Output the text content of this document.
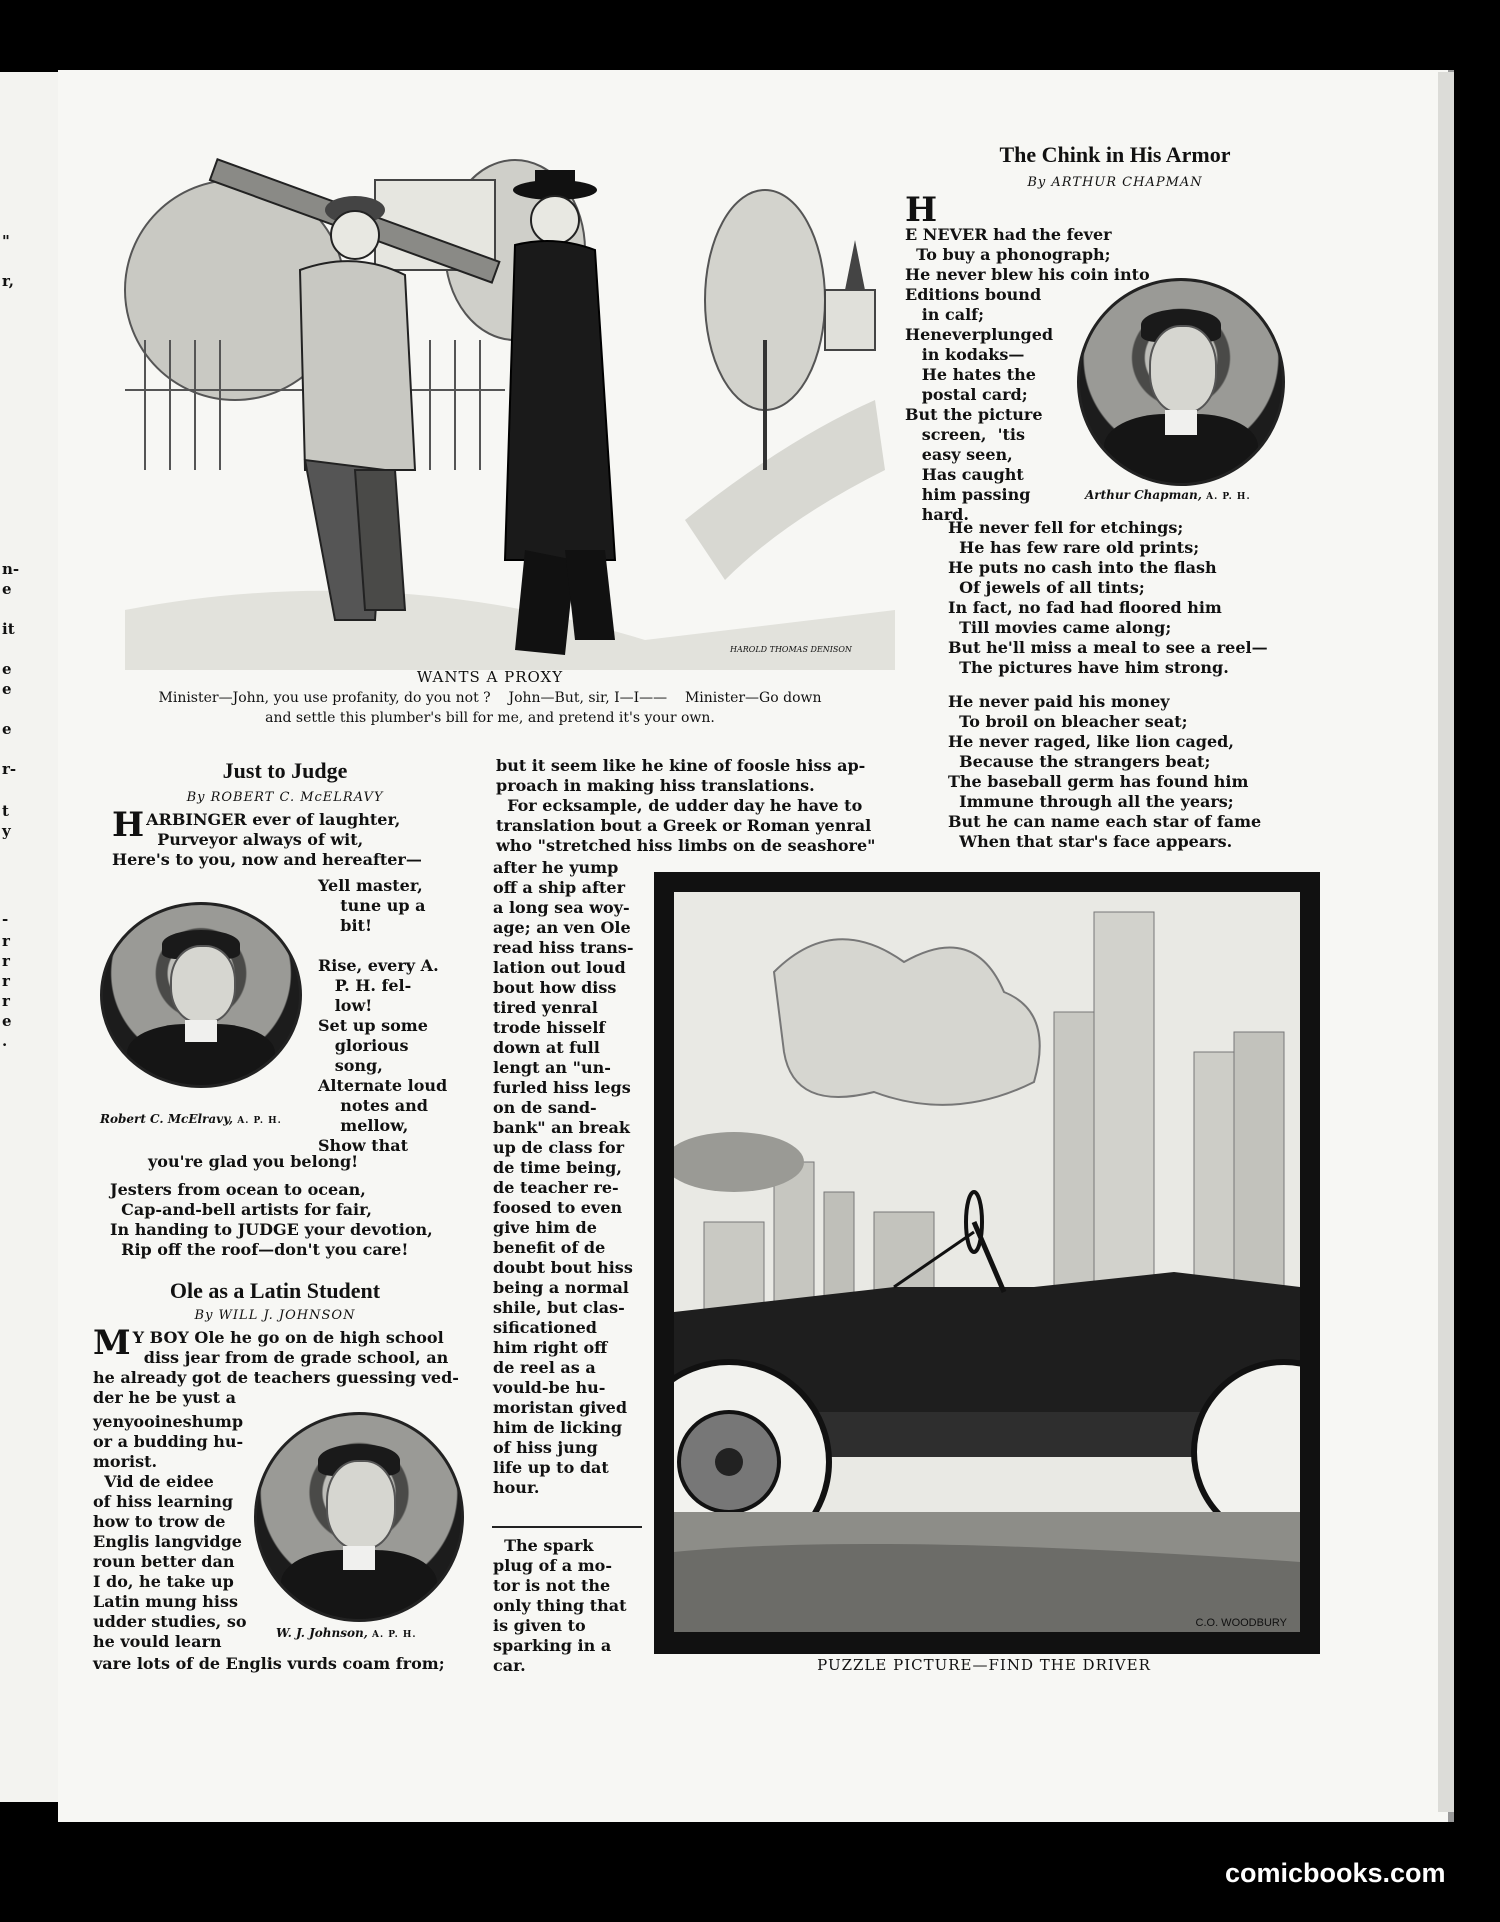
"
r,
n-
e
it
e
e
e
r-
t
y
-
r
r
r
r
e
.
HAROLD THOMAS DENISON
WANTS A PROXY
Minister—John, you use profanity, do you not ?    John—But, sir, I—I——    Minister—Go down
and settle this plumber's bill for me, and pretend it's your own.
The Chink in His Armor
By ARTHUR CHAPMAN
H
E NEVER had the fever
To buy a phonograph;
He never blew his coin into
Editions bound
in calf;
Heneverplunged
in kodaks—
He hates the
postal card;
But the picture
screen,  'tis
easy seen,
Has caught
him passing
hard.
Arthur Chapman, A. P. H.
He never fell for etchings;
He has few rare old prints;
He puts no cash into the flash
Of jewels of all tints;
In fact, no fad had floored him
Till movies came along;
But he'll miss a meal to see a reel—
The pictures have him strong.
He never paid his money
To broil on bleacher seat;
He never raged, like lion caged,
Because the strangers beat;
The baseball germ has found him
Immune through all the years;
But he can name each star of fame
When that star's face appears.
Just to Judge
By ROBERT C. McELRAVY
HARBINGER ever of laughter,
Purveyor always of wit,
Here's to you, now and hereafter—
Robert C. McElravy, A. P. H.
Yell master,
tune up a
bit!

Rise, every A.
P. H. fel-
low!
Set up some
glorious
song,
Alternate loud
notes and
mellow,
Show that
you're glad you belong!
Jesters from ocean to ocean,
Cap-and-bell artists for fair,
In handing to JUDGE your devotion,
Rip off the roof—don't you care!
Ole as a Latin Student
By WILL J. JOHNSON
M Y BOY Ole he go on de high school
diss jear from de grade school, an
he already got de teachers guessing ved-
der he be yust a
yenyooineshump
or a budding hu-
morist.
Vid de eidee
of hiss learning
how to trow de
Englis langvidge
roun better dan
I do, he take up
Latin mung hiss
udder studies, so
he vould learn	W. J. Johnson, A. P. H.
vare lots of de Englis vurds coam from;
but it seem like he kine of foosle hiss ap-
proach in making hiss translations.
For ecksample, de udder day he have to
translation bout a Greek or Roman yenral
who "stretched hiss limbs on de seashore"
after he yump
off a ship after
a long sea woy-
age; an ven Ole
read hiss trans-
lation out loud
bout how diss
tired yenral
trode hisself
down at full
lengt an "un-
furled hiss legs
on de sand-
bank" an break
up de class for
de time being,
de teacher re-
foosed to even
give him de
benefit of de
doubt bout hiss
being a normal
shile, but clas-
sificationed
him right off
de reel as a
vould-be hu-
moristan gived
him de licking
of hiss jung
life up to dat
hour.
The spark
plug of a mo-
tor is not the
only thing that
is given to
sparking in a
car.
C.O. WOODBURY
PUZZLE PICTURE—FIND THE DRIVER
comicbooks.com
